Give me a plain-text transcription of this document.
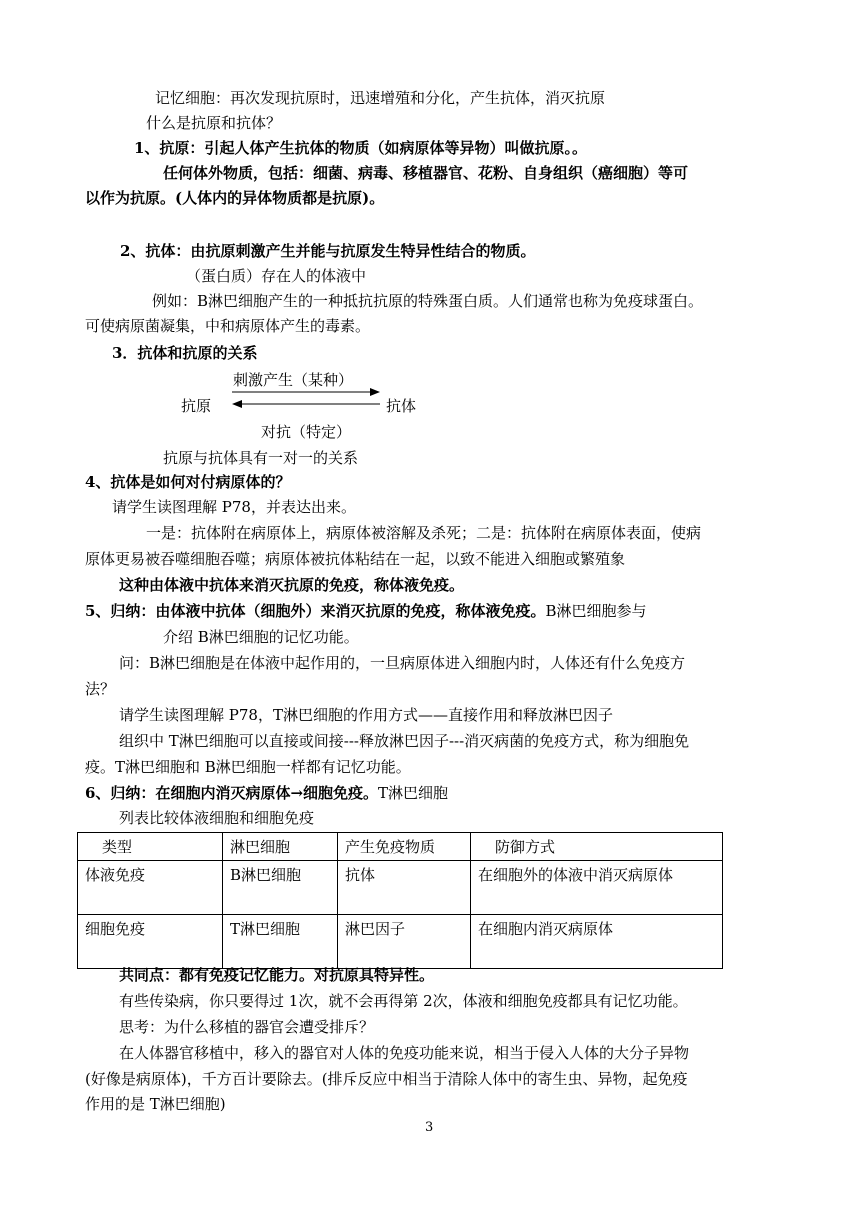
记忆细胞：再次发现抗原时，迅速增殖和分化，产生抗体，消灭抗原
什么是抗原和抗体？
1、抗原：引起人体产生抗体的物质（如病原体等异物）叫做抗原。。
任何体外物质，包括：细菌、病毒、移植器官、花粉、自身组织（癌细胞）等可
以作为抗原。(人体内的异体物质都是抗原)。
2、抗体：由抗原刺激产生并能与抗原发生特异性结合的物质。
（蛋白质）存在人的体液中
例如：B淋巴细胞产生的一种抵抗抗原的特殊蛋白质。人们通常也称为免疫球蛋白。
可使病原菌凝集，中和病原体产生的毒素。
3．抗体和抗原的关系
刺激产生（某种）
抗原	抗体
对抗（特定）
抗原与抗体具有一对一的关系
4、抗体是如何对付病原体的？
请学生读图理解 P78，并表达出来。
一是：抗体附在病原体上，病原体被溶解及杀死；二是：抗体附在病原体表面，使病
原体更易被吞噬细胞吞噬；病原体被抗体粘结在一起，以致不能进入细胞或繁殖象
这种由体液中抗体来消灭抗原的免疫，称体液免疫。
5、归纳：由体液中抗体（细胞外）来消灭抗原的免疫，称体液免疫。B淋巴细胞参与
介绍 B淋巴细胞的记忆功能。
问：B淋巴细胞是在体液中起作用的，一旦病原体进入细胞内时，人体还有什么免疫方
法？
请学生读图理解 P78，T淋巴细胞的作用方式——直接作用和释放淋巴因子
组织中 T淋巴细胞可以直接或间接---释放淋巴因子---消灭病菌的免疫方式，称为细胞免
疫。T淋巴细胞和 B淋巴细胞一样都有记忆功能。
6、归纳：在细胞内消灭病原体→细胞免疫。T淋巴细胞
列表比较体液细胞和细胞免疫
类型	淋巴细胞	产生免疫物质	防御方式
体液免疫	B淋巴细胞	抗体	在细胞外的体液中消灭病原体
细胞免疫	T淋巴细胞	淋巴因子	在细胞内消灭病原体
共同点：都有免疫记忆能力。对抗原具特异性。
有些传染病，你只要得过 1次，就不会再得第 2次，体液和细胞免疫都具有记忆功能。
思考：为什么移植的器官会遭受排斥？
在人体器官移植中，移入的器官对人体的免疫功能来说，相当于侵入人体的大分子异物
(好像是病原体)，千方百计要除去。(排斥反应中相当于清除人体中的寄生虫、异物，起免疫
作用的是 T淋巴细胞)
3
